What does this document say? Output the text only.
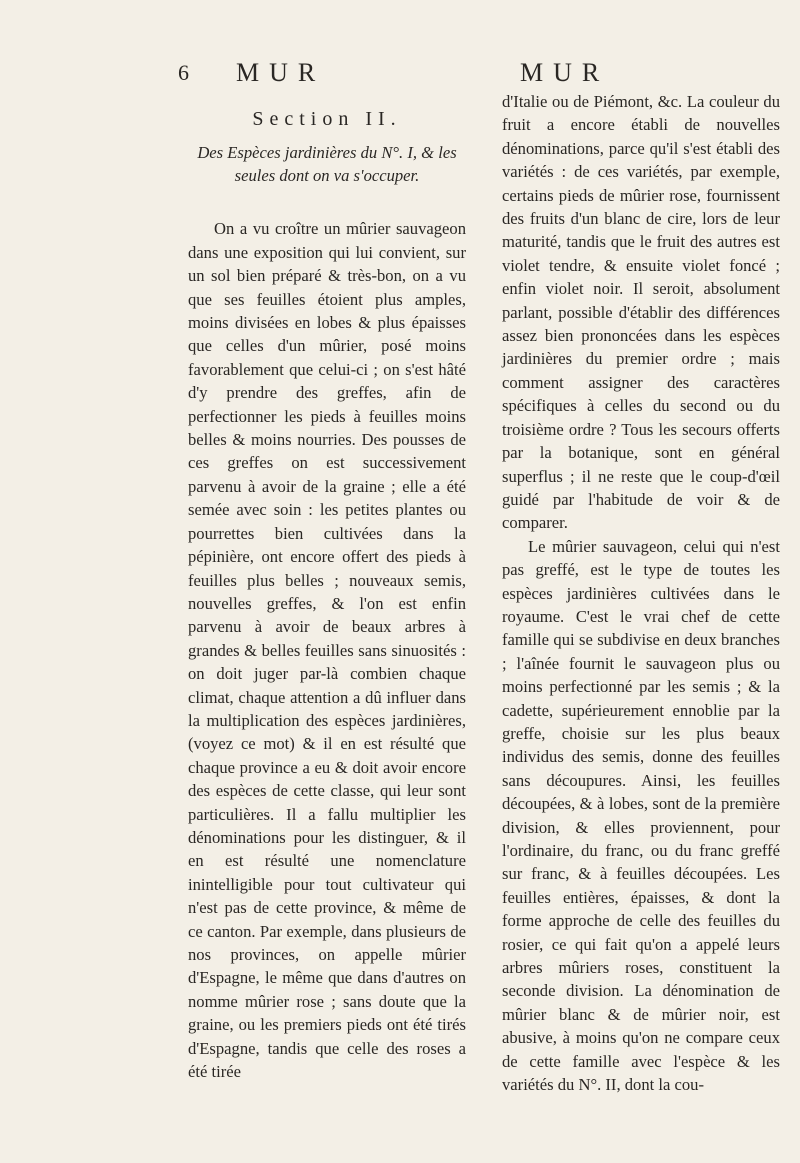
6 MUR	MUR
Section II.
Des Espèces jardinières du N°. I, & les seules dont on va s'occuper.

On a vu croître un mûrier sauvageon dans une exposition qui lui convient, sur un sol bien préparé & très-bon, on a vu que ses feuilles étoient plus amples, moins divisées en lobes & plus épaisses que celles d'un mûrier, posé moins favorablement que celui-ci ; on s'est hâté d'y prendre des greffes, afin de perfectionner les pieds à feuilles moins belles & moins nourries. Des pousses de ces greffes on est successivement parvenu à avoir de la graine ; elle a été semée avec soin : les petites plantes ou pourrettes bien cultivées dans la pépinière, ont encore offert des pieds à feuilles plus belles ; nouveaux semis, nouvelles greffes, & l'on est enfin parvenu à avoir de beaux arbres à grandes & belles feuilles sans sinuosités : on doit juger par-là combien chaque climat, chaque attention a dû influer dans la multiplication des espèces jardinières, (voyez ce mot) & il en est résulté que chaque province a eu & doit avoir encore des espèces de cette classe, qui leur sont particulières. Il a fallu multiplier les dénominations pour les distinguer, & il en est résulté une nomenclature inintelligible pour tout cultivateur qui n'est pas de cette province, & même de ce canton. Par exemple, dans plusieurs de nos provinces, on appelle mûrier d'Espagne, le même que dans d'autres on nomme mûrier rose ; sans doute que la graine, ou les premiers pieds ont été tirés d'Espagne, tandis que celle des roses a été tirée

d'Italie ou de Piémont, &c. La couleur du fruit a encore établi de nouvelles dénominations, parce qu'il s'est établi des variétés : de ces variétés, par exemple, certains pieds de mûrier rose, fournissent des fruits d'un blanc de cire, lors de leur maturité, tandis que le fruit des autres est violet tendre, & ensuite violet foncé ; enfin violet noir. Il seroit, absolument parlant, possible d'établir des différences assez bien prononcées dans les espèces jardinières du premier ordre ; mais comment assigner des caractères spécifiques à celles du second ou du troisième ordre ? Tous les secours offerts par la botanique, sont en général superflus ; il ne reste que le coup-d'œil guidé par l'habitude de voir & de comparer.

Le mûrier sauvageon, celui qui n'est pas greffé, est le type de toutes les espèces jardinières cultivées dans le royaume. C'est le vrai chef de cette famille qui se subdivise en deux branches ; l'aînée fournit le sauvageon plus ou moins perfectionné par les semis ; & la cadette, supérieurement ennoblie par la greffe, choisie sur les plus beaux individus des semis, donne des feuilles sans découpures. Ainsi, les feuilles découpées, & à lobes, sont de la première division, & elles proviennent, pour l'ordinaire, du franc, ou du franc greffé sur franc, & à feuilles découpées. Les feuilles entières, épaisses, & dont la forme approche de celle des feuilles du rosier, ce qui fait qu'on a appelé leurs arbres mûriers roses, constituent la seconde division. La dénomination de mûrier blanc & de mûrier noir, est abusive, à moins qu'on ne compare ceux de cette famille avec l'espèce & les variétés du N°. II, dont la cou-
